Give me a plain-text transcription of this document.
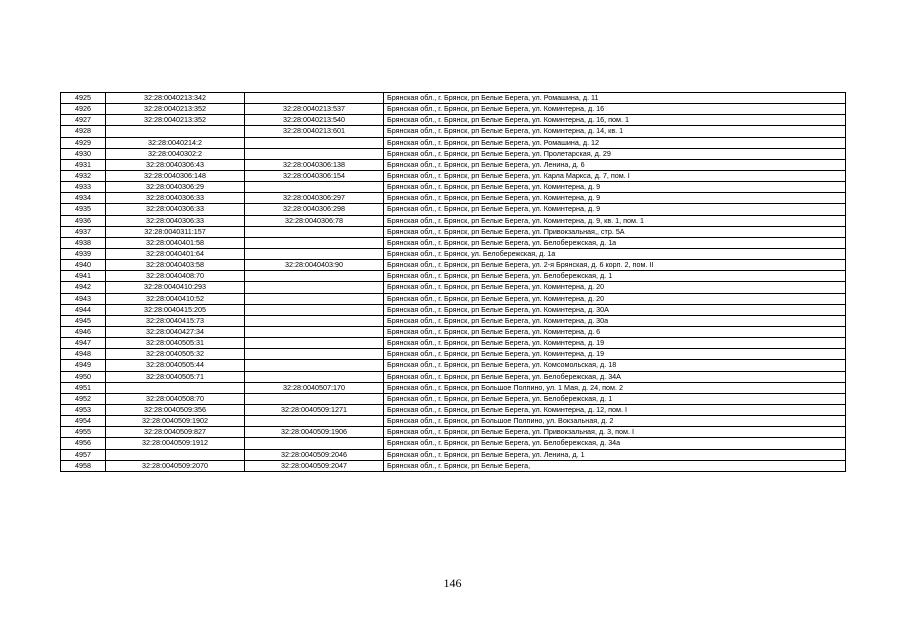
4925	32:28:0040213:342		Брянская обл., г. Брянск, рп Белые Берега, ул. Ромашина, д. 11
4926	32:28:0040213:352	32:28:0040213:537	Брянская обл., г. Брянск, рп Белые Берега, ул. Коминтерна, д. 16
4927	32:28:0040213:352	32:28:0040213:540	Брянская обл., г. Брянск, рп Белые Берега, ул. Коминтерна, д. 16, пом. 1
4928		32:28:0040213:601	Брянская обл., г. Брянск, рп Белые Берега, ул. Коминтерна, д. 14, кв. 1
4929	32:28:0040214:2		Брянская обл., г. Брянск, рп Белые Берега, ул. Ромашина, д. 12
4930	32:28:0040302:2		Брянская обл., г. Брянск, рп Белые Берега, ул. Пролетарская, д. 29
4931	32:28:0040306:43	32:28:0040306:138	Брянская обл., г. Брянск, рп Белые Берега, ул. Ленина, д. 6
4932	32:28:0040306:148	32:28:0040306:154	Брянская обл., г. Брянск, рп Белые Берега, ул. Карла Маркса, д. 7, пом. I
4933	32:28:0040306:29		Брянская обл., г. Брянск, рп Белые Берега, ул. Коминтерна, д. 9
4934	32:28:0040306:33	32:28:0040306:297	Брянская обл., г. Брянск, рп Белые Берега, ул. Коминтерна, д. 9
4935	32:28:0040306:33	32:28:0040306:298	Брянская обл., г. Брянск, рп Белые Берега, ул. Коминтерна, д. 9
4936	32:28:0040306:33	32:28:0040306:78	Брянская обл., г. Брянск, рп Белые Берега, ул. Коминтерна, д. 9, кв. 1, пом. 1
4937	32:28:0040311:157		Брянская обл., г. Брянск, рп Белые Берега, ул. Привокзальная,, стр. 5А
4938	32:28:0040401:58		Брянская обл., г. Брянск, рп Белые Берега, ул. Белобережская, д. 1а
4939	32:28:0040401:64		Брянская обл., г. Брянск, ул. Белобережская, д. 1а
4940	32:28:0040403:58	32:28:0040403:90	Брянская обл., г. Брянск, рп Белые Берега, ул. 2-я Брянская, д. 6 корп. 2, пом. II
4941	32:28:0040408:70		Брянская обл., г. Брянск, рп Белые Берега, ул. Белобережская, д. 1
4942	32:28:0040410:293		Брянская обл., г. Брянск, рп Белые Берега, ул. Коминтерна, д. 20
4943	32:28:0040410:52		Брянская обл., г. Брянск, рп Белые Берега, ул. Коминтерна, д. 20
4944	32:28:0040415:205		Брянская обл., г. Брянск, рп Белые Берега, ул. Коминтерна, д. 30А
4945	32:28:0040415:73		Брянская обл., г. Брянск, рп Белые Берега, ул. Коминтерна, д. 30а
4946	32:28:0040427:34		Брянская обл., г. Брянск, рп Белые Берега, ул. Коминтерна, д. 6
4947	32:28:0040505:31		Брянская обл., г. Брянск, рп Белые Берега, ул. Коминтерна, д. 19
4948	32:28:0040505:32		Брянская обл., г. Брянск, рп Белые Берега, ул. Коминтерна, д. 19
4949	32:28:0040505:44		Брянская обл., г. Брянск, рп Белые Берега, ул. Комсомольская, д. 18
4950	32:28:0040505:71		Брянская обл., г. Брянск, рп Белые Берега, ул. Белобережская, д. 34А
4951		32:28:0040507:170	Брянская обл., г. Брянск, рп Большое Полпино, ул. 1 Мая, д. 24, пом. 2
4952	32:28:0040508:70		Брянская обл., г. Брянск, рп Белые Берега, ул. Белобережская, д. 1
4953	32:28:0040509:356	32:28:0040509:1271	Брянская обл., г. Брянск, рп Белые Берега, ул. Коминтерна, д. 12, пом. I
4954	32:28:0040509:1902		Брянская обл., г. Брянск, рп Большое Полпино, ул. Вокзальная, д. 2
4955	32:28:0040509:827	32:28:0040509:1906	Брянская обл., г. Брянск, рп Белые Берега, ул. Привокзальная, д. 3, пом. I
4956	32:28:0040509:1912		Брянская обл., г. Брянск, рп Белые Берега, ул. Белобережская, д. 34а
4957		32:28:0040509:2046	Брянская обл., г. Брянск, рп Белые Берега, ул. Ленина, д. 1
4958	32:28:0040509:2070	32:28:0040509:2047	Брянская обл., г. Брянск, рп Белые Берега,
146
